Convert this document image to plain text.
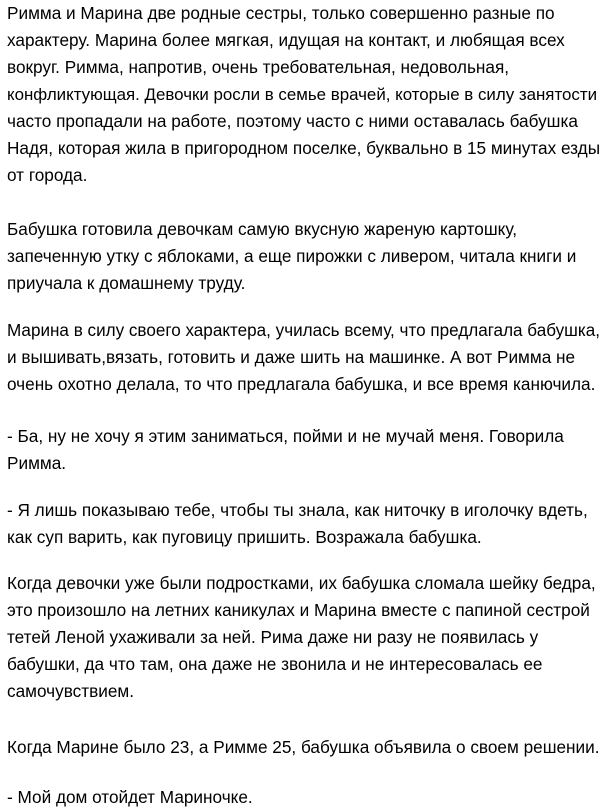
Римма и Марина две родные сестры, только совершенно разные по
характеру. Марина более мягкая, идущая на контакт, и любящая всех
вокруг. Римма, напротив, очень требовательная, недовольная,
конфликтующая. Девочки росли в семье врачей, которые в силу занятости
часто пропадали на работе, поэтому часто с ними оставалась бабушка
Надя, которая жила в пригородном поселке, буквально в 15 минутах езды
от города.

Бабушка готовила девочкам самую вкусную жареную картошку,
запеченную утку с яблоками, а еще пирожки с ливером, читала книги и
приучала к домашнему труду.

Марина в силу своего характера, училась всему, что предлагала бабушка,
и вышивать,вязать, готовить и даже шить на машинке. А вот Римма не
очень охотно делала, то что предлагала бабушка, и все время канючила.

- Ба, ну не хочу я этим заниматься, пойми и не мучай меня. Говорила
Римма.

- Я лишь показываю тебе, чтобы ты знала, как ниточку в иголочку вдеть,
как суп варить, как пуговицу пришить. Возражала бабушка.

Когда девочки уже были подростками, их бабушка сломала шейку бедра,
это произошло на летних каникулах и Марина вместе с папиной сестрой
тетей Леной ухаживали за ней. Рима даже ни разу не появилась у
бабушки, да что там, она даже не звонила и не интересовалась ее
самочувствием.

Когда Марине было 23, а Римме 25, бабушка объявила о своем решении.

- Мой дом отойдет Мариночке.
